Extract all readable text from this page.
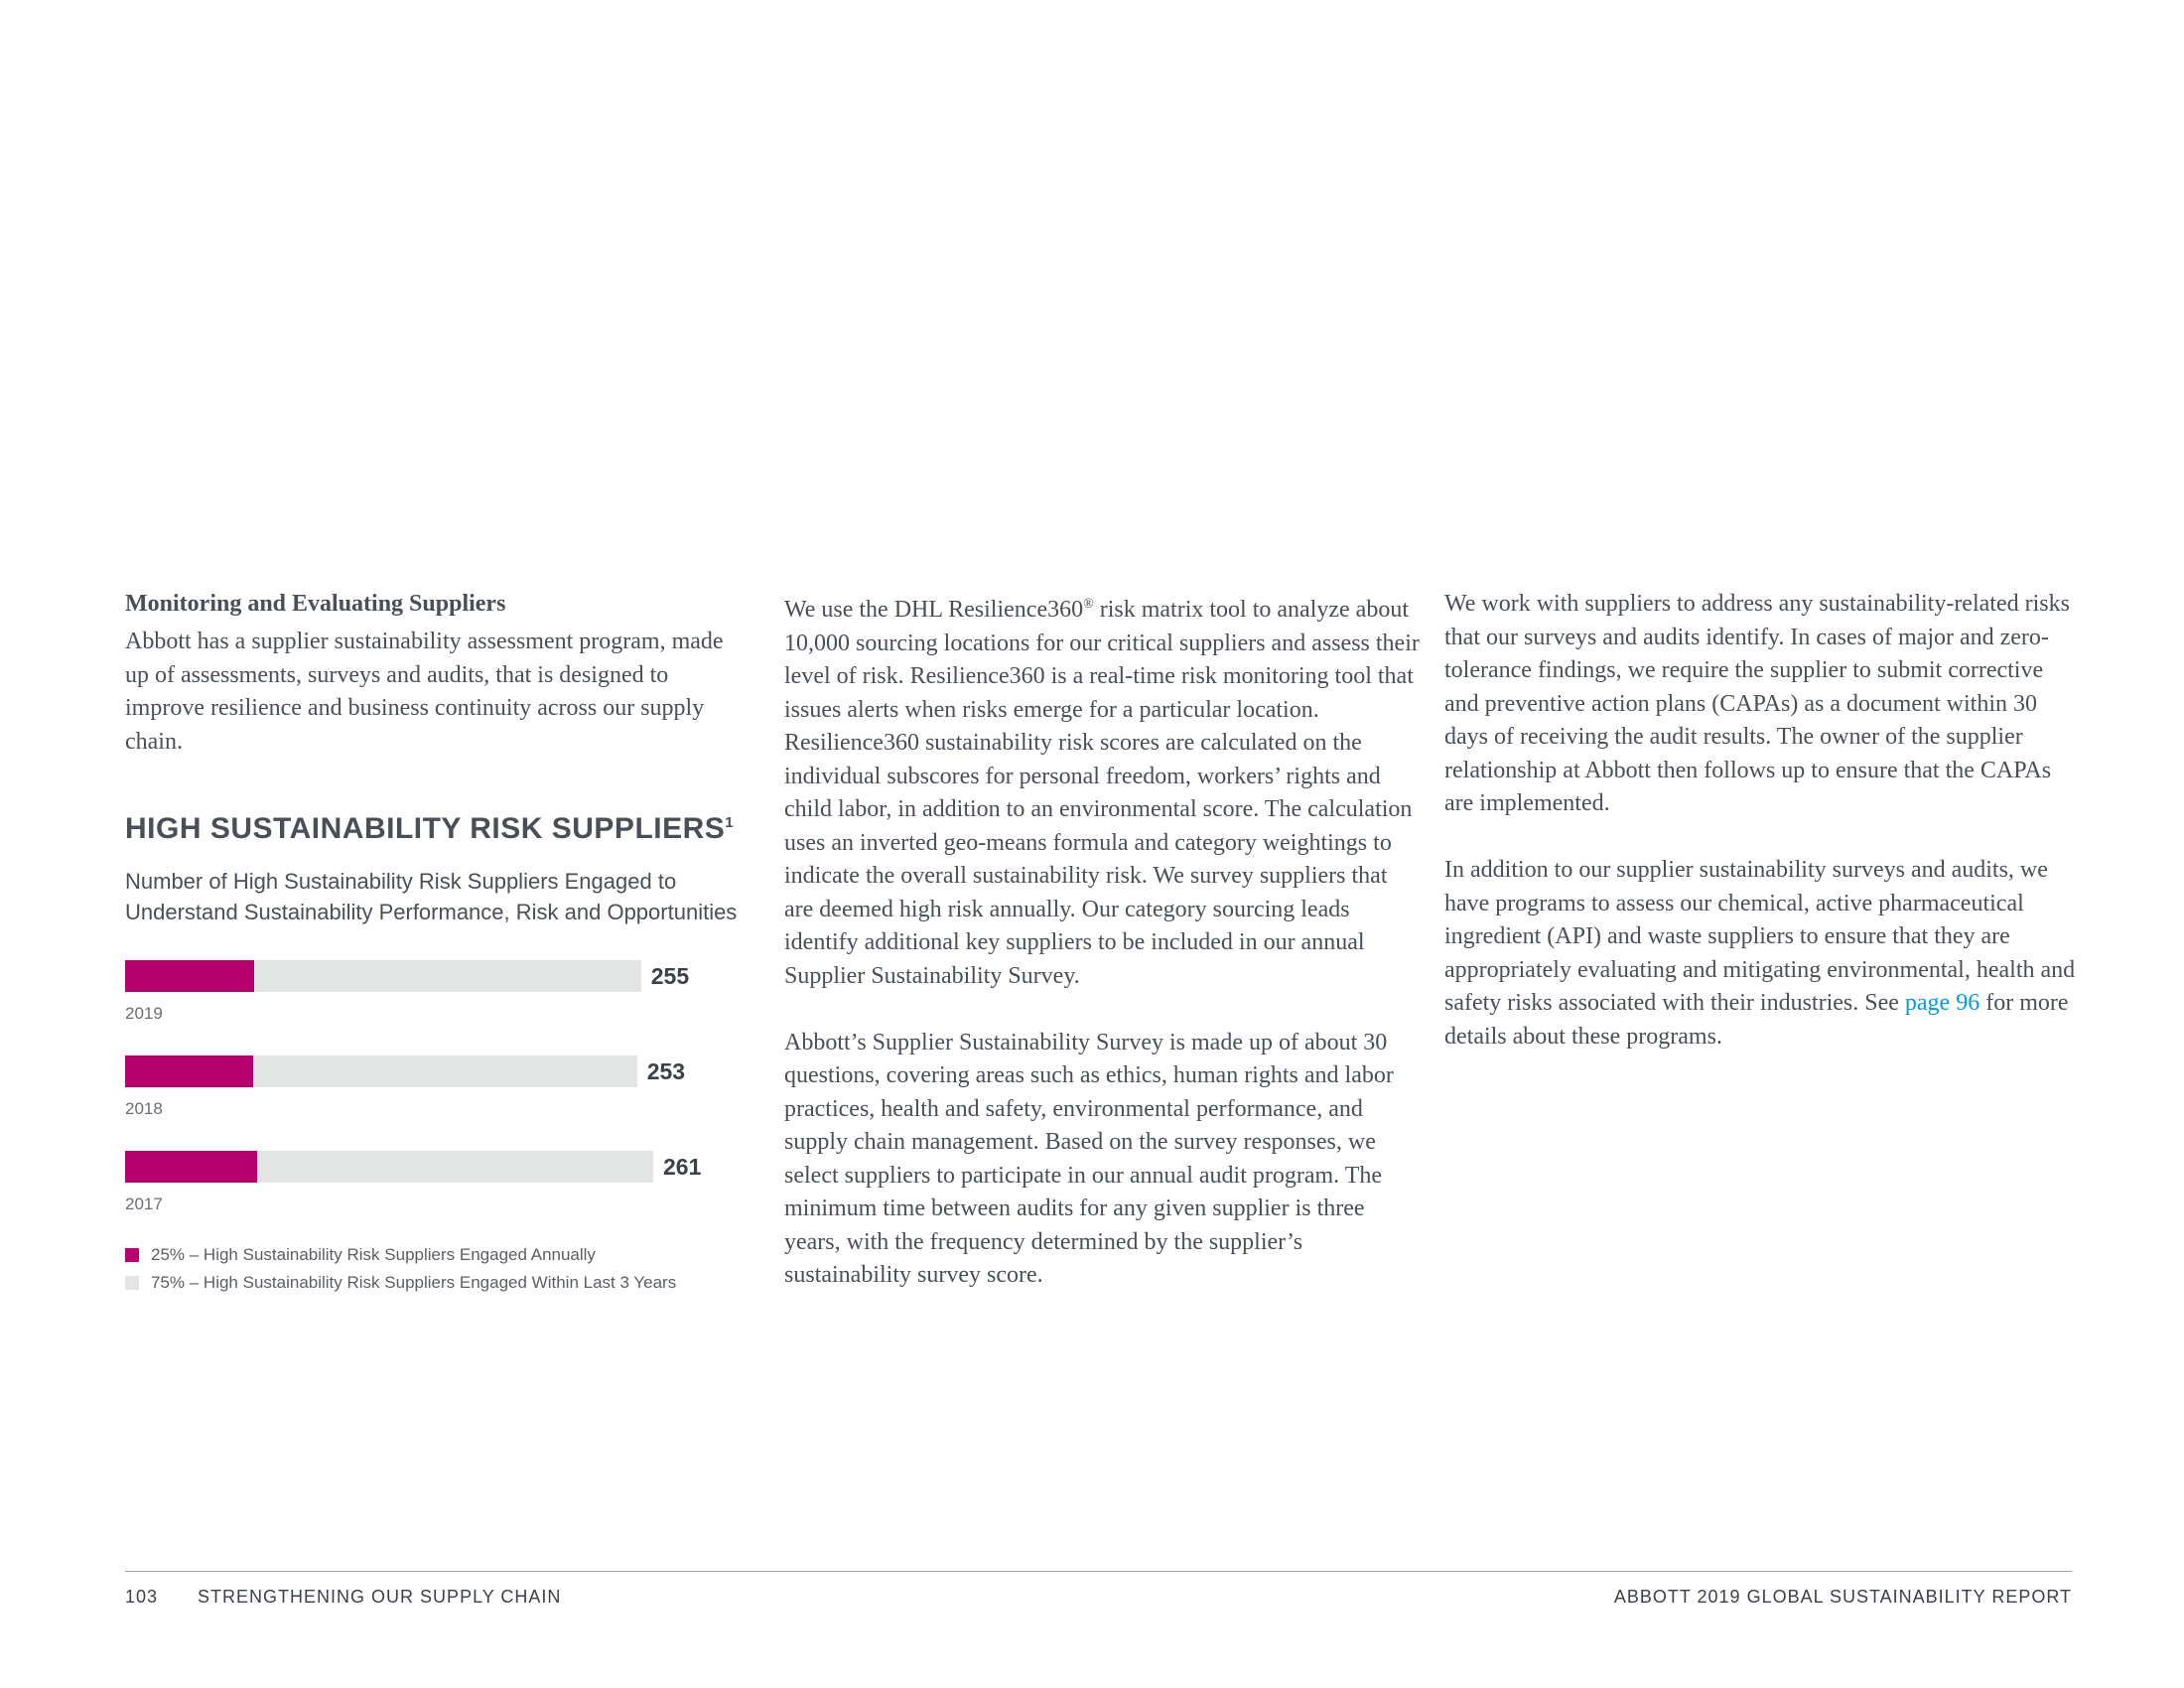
Monitoring and Evaluating Suppliers

Abbott has a supplier sustainability assessment program, made up of assessments, surveys and audits, that is designed to improve resilience and business continuity across our supply chain.

HIGH SUSTAINABILITY RISK SUPPLIERS$^1$

Number of High Sustainability Risk Suppliers Engaged to Understand Sustainability Performance, Risk and Opportunities

255
2019
253
2018
261
2017
25% – High Sustainability Risk Suppliers Engaged Annually
75% – High Sustainability Risk Suppliers Engaged Within Last 3 Years

We use the DHL Resilience360® risk matrix tool to analyze about 10,000 sourcing locations for our critical suppliers and assess their level of risk. Resilience360 is a real-time risk monitoring tool that issues alerts when risks emerge for a particular location. Resilience360 sustainability risk scores are calculated on the individual subscores for personal freedom, workers’ rights and child labor, in addition to an environmental score. The calculation uses an inverted geo-means formula and category weightings to indicate the overall sustainability risk. We survey suppliers that are deemed high risk annually. Our category sourcing leads identify additional key suppliers to be included in our annual Supplier Sustainability Survey.

Abbott’s Supplier Sustainability Survey is made up of about 30 questions, covering areas such as ethics, human rights and labor practices, health and safety, environmental performance, and supply chain management. Based on the survey responses, we select suppliers to participate in our annual audit program. The minimum time between audits for any given supplier is three years, with the frequency determined by the supplier’s sustainability survey score.

We work with suppliers to address any sustainability-related risks that our surveys and audits identify. In cases of major and zero-tolerance findings, we require the supplier to submit corrective and preventive action plans (CAPAs) as a document within 30 days of receiving the audit results. The owner of the supplier relationship at Abbott then follows up to ensure that the CAPAs are implemented.

In addition to our supplier sustainability surveys and audits, we have programs to assess our chemical, active pharmaceutical ingredient (API) and waste suppliers to ensure that they are appropriately evaluating and mitigating environmental, health and safety risks associated with their industries. See page 96 for more details about these programs.

103 STRENGTHENING OUR SUPPLY CHAIN	ABBOTT 2019 GLOBAL SUSTAINABILITY REPORT
